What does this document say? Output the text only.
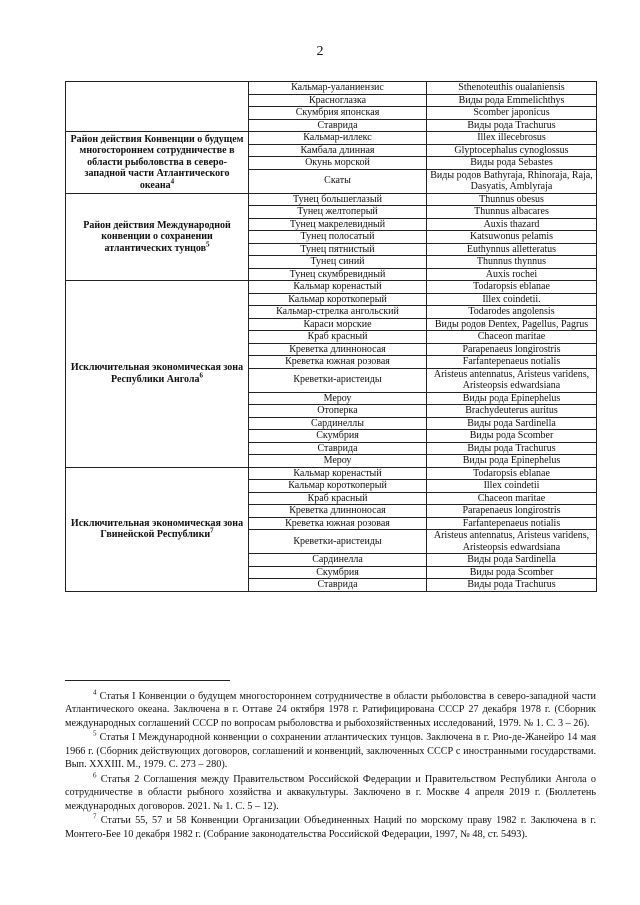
2
	Кальмар-уаланиензис	Sthenoteuthis oualaniensis
	Красноглазка	Виды рода Emmelichthys
	Скумбрия японская	Scomber japonicus
	Ставрида	Виды рода Trachurus
Район действия Конвенции о будущем многостороннем сотрудничестве в области рыболовства в северо-западной части Атлантического океана$^4$	Кальмар-иллекс	Illex illecebrosus
	Камбала длинная	Glyptocephalus cynoglossus
	Окунь морской	Виды рода Sebastes
	Скаты	Виды родов Bathyraja, Rhinoraja, Raja, Dasyatis, Amblyraja
Район действия Международной конвенции о сохранении атлантических тунцов$^5$	Тунец большеглазый	Thunnus obesus
	Тунец желтоперый	Thunnus albacares
	Тунец макрелевидный	Auxis thazard
	Тунец полосатый	Katsuwonus pelamis
	Тунец пятнистый	Euthynnus alletteratus
	Тунец синий	Thunnus thynnus
	Тунец скумбревидный	Auxis rochei
Исключительная экономическая зона Республики Ангола$^6$	Кальмар коренастый	Todaropsis eblanae
	Кальмар короткоперый	Illex coindetii.
	Кальмар-стрелка ангольский	Todarodes angolensis
	Караси морские	Виды родов Dentex, Pagellus, Pagrus
	Краб красный	Chaceon maritae
	Креветка длинноносая	Parapenaeus longirostris
	Креветка южная розовая	Farfantepenaeus notialis
	Креветки-аристеиды	Aristeus antennatus, Aristeus varidens, Aristeopsis edwardsiana
	Мероу	Виды рода Epinephelus
	Отоперка	Brachydeuterus auritus
	Сардинеллы	Виды рода Sardinella
	Скумбрия	Виды рода Scomber
	Ставрида	Виды рода Trachurus
	Мероу	Виды рода Epinephelus
Исключительная экономическая зона Гвинейской Республики$^7$	Кальмар коренастый	Todaropsis eblanae
	Кальмар короткоперый	Illex coindetii
	Краб красный	Chaceon maritae
	Креветка длинноносая	Parapenaeus longirostris
	Креветка южная розовая	Farfantepenaeus notialis
	Креветки-аристеиды	Aristeus antennatus, Aristeus varidens, Aristeopsis edwardsiana
	Сардинелла	Виды рода Sardinella
	Скумбрия	Виды рода Scomber
	Ставрида	Виды рода Trachurus

$^4$ Статья I Конвенции о будущем многостороннем сотрудничестве в области рыболовства в северо-западной части Атлантического океана. Заключена в г. Оттаве 24 октября 1978 г. Ратифицирована СССР 27 декабря 1978 г. (Сборник международных соглашений СССР по вопросам рыболовства и рыбохозяйственных исследований, 1979. № 1. С. 3 – 26).

$^5$ Статья I Международной конвенции о сохранении атлантических тунцов. Заключена в г. Рио-де-Жанейро 14 мая 1966 г. (Сборник действующих договоров, соглашений и конвенций, заключенных СССР с иностранными государствами. Вып. XXXIII. М., 1979. С. 273 – 280).

$^6$ Статья 2 Соглашения между Правительством Российской Федерации и Правительством Республики Ангола о сотрудничестве в области рыбного хозяйства и аквакультуры. Заключено в г. Москве 4 апреля 2019 г. (Бюллетень международных договоров. 2021. № 1. С. 5 – 12).

$^7$ Статьи 55, 57 и 58 Конвенции Организации Объединенных Наций по морскому праву 1982 г. Заключена в г. Монтего-Бее 10 декабря 1982 г. (Собрание законодательства Российской Федерации, 1997, № 48, ст. 5493).
